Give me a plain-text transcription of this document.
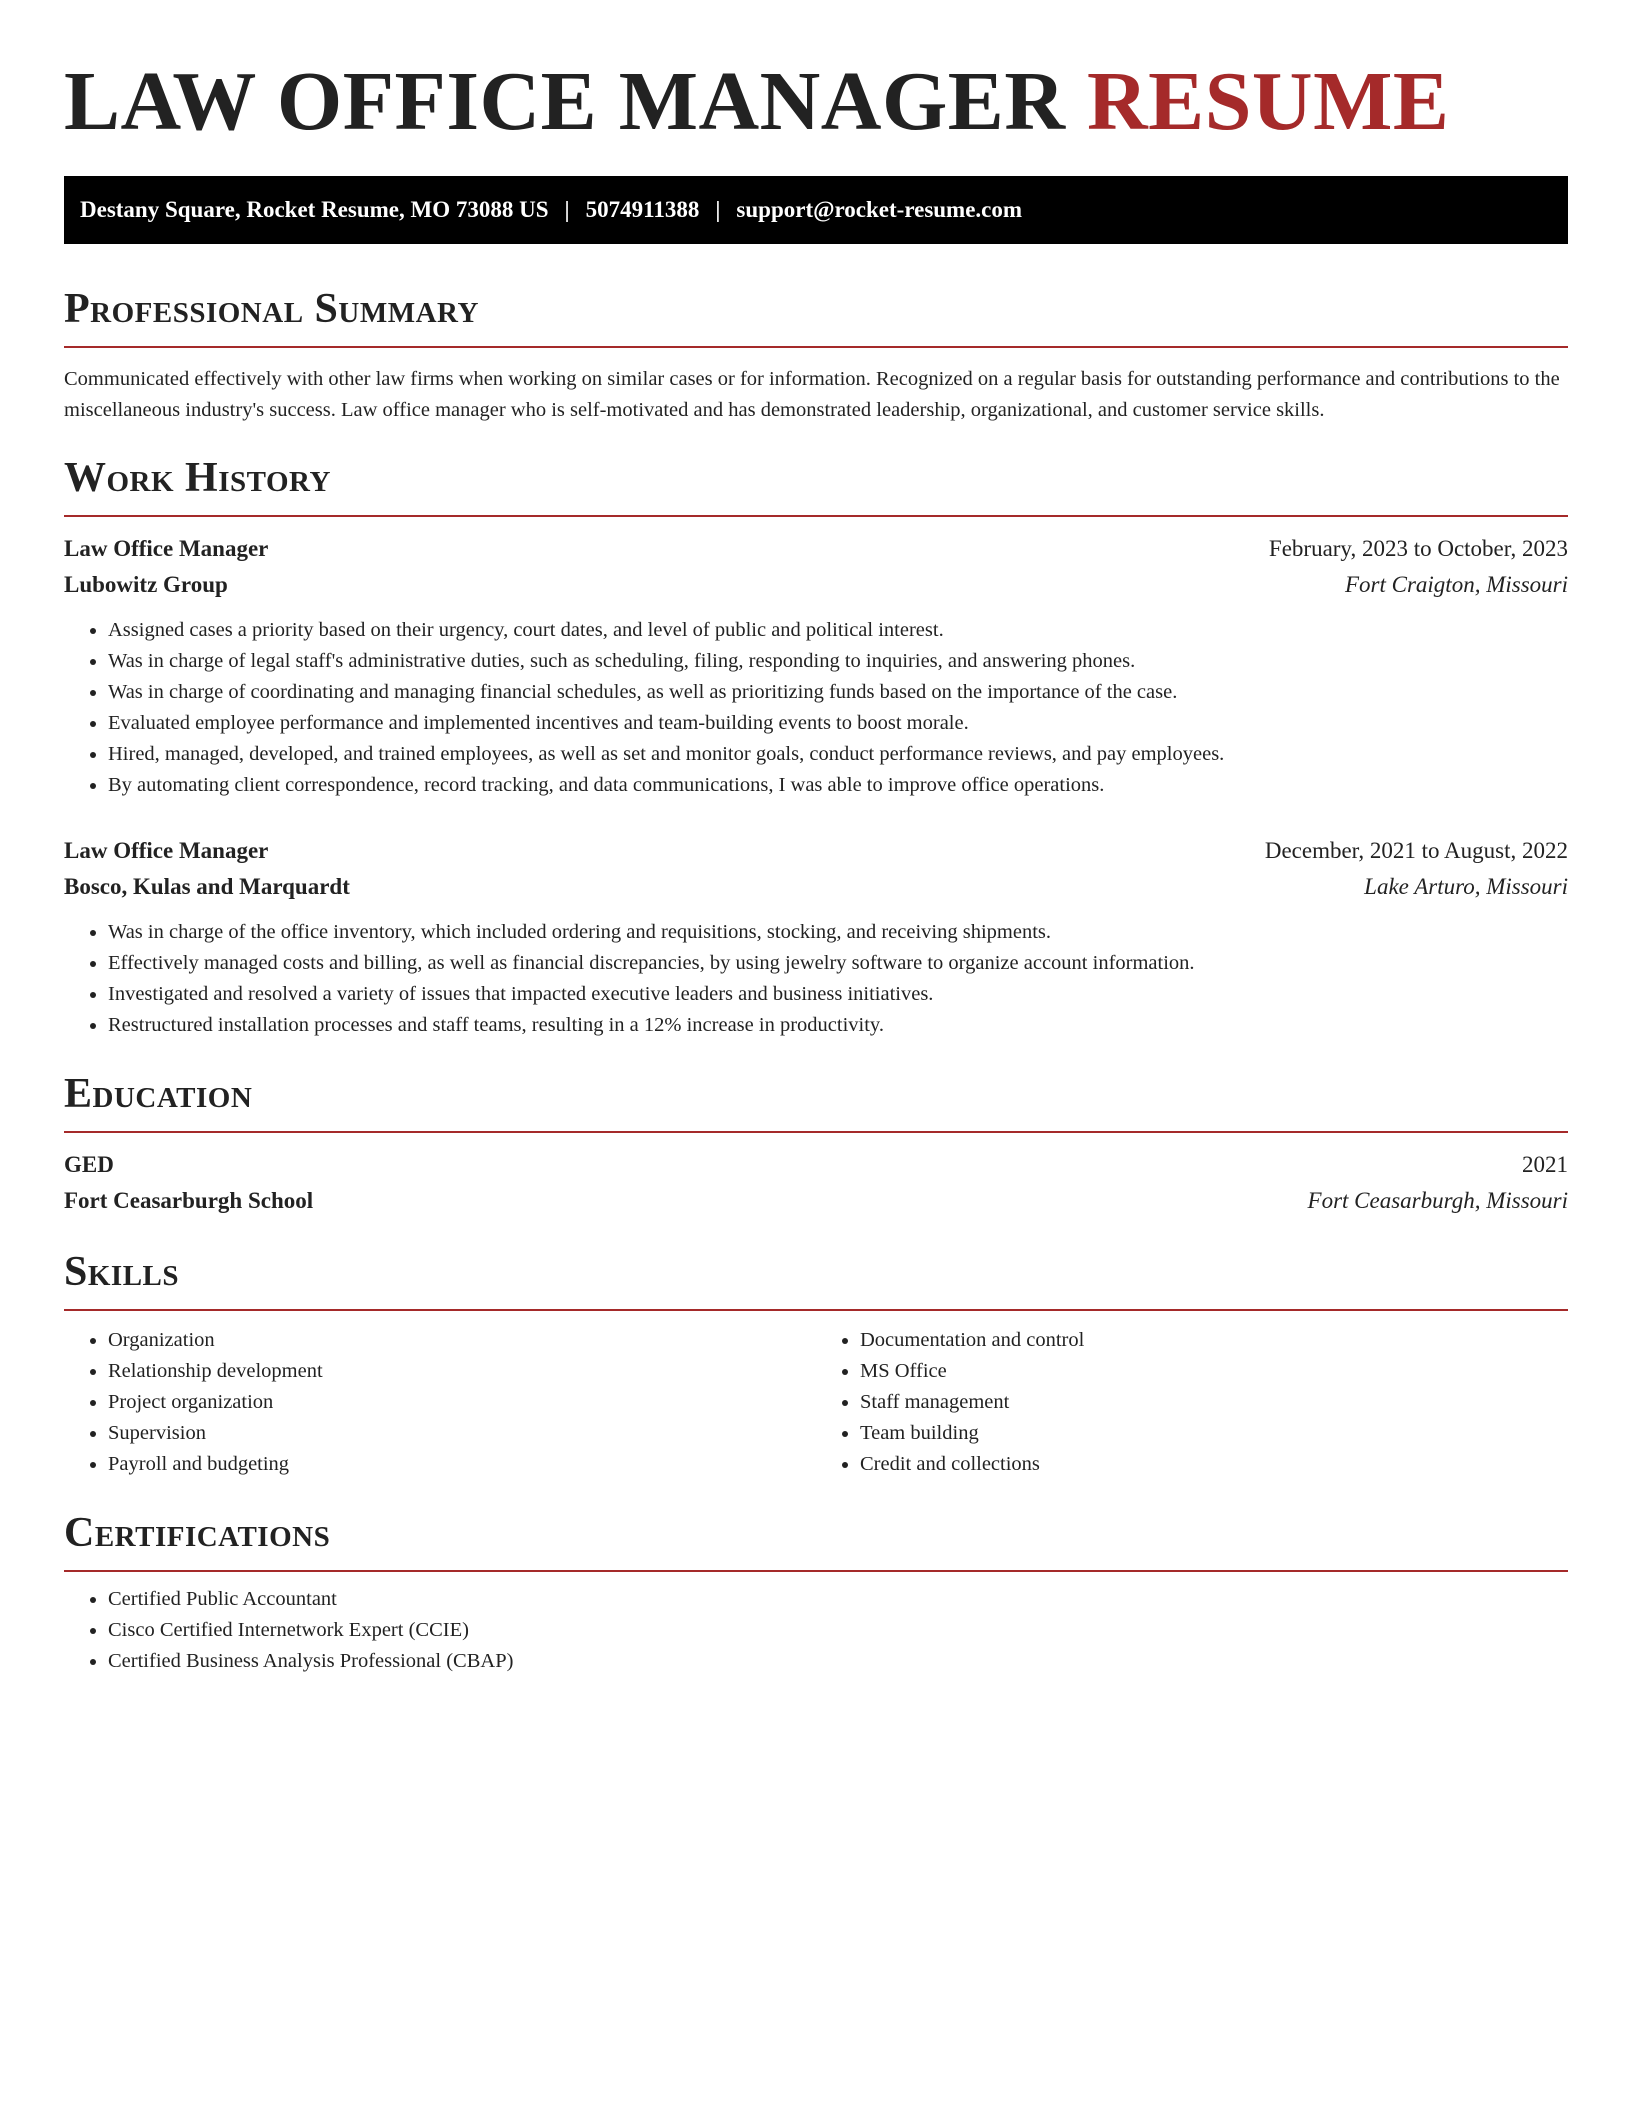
LAW OFFICE MANAGER RESUME
Destany Square, Rocket Resume, MO 73088 US | 5074911388 | support@rocket-resume.com
Professional Summary

Communicated effectively with other law firms when working on similar cases or for information. Recognized on a regular basis for outstanding performance and contributions to the miscellaneous industry's success. Law office manager who is self-motivated and has demonstrated leadership, organizational, and customer service skills.

Work History
Law Office Manager	February, 2023 to October, 2023
Lubowitz Group	Fort Craigton, Missouri
• Assigned cases a priority based on their urgency, court dates, and level of public and political interest.
• Was in charge of legal staff's administrative duties, such as scheduling, filing, responding to inquiries, and answering phones.
• Was in charge of coordinating and managing financial schedules, as well as prioritizing funds based on the importance of the case.
• Evaluated employee performance and implemented incentives and team-building events to boost morale.
• Hired, managed, developed, and trained employees, as well as set and monitor goals, conduct performance reviews, and pay employees.
• By automating client correspondence, record tracking, and data communications, I was able to improve office operations.
Law Office Manager	December, 2021 to August, 2022
Bosco, Kulas and Marquardt	Lake Arturo, Missouri
• Was in charge of the office inventory, which included ordering and requisitions, stocking, and receiving shipments.
• Effectively managed costs and billing, as well as financial discrepancies, by using jewelry software to organize account information.
• Investigated and resolved a variety of issues that impacted executive leaders and business initiatives.
• Restructured installation processes and staff teams, resulting in a 12% increase in productivity.
Education
GED	2021
Fort Ceasarburgh School	Fort Ceasarburgh, Missouri
Skills
• Organization
• Relationship development
• Project organization
• Supervision
• Payroll and budgeting
• Documentation and control
• MS Office
• Staff management
• Team building
• Credit and collections
Certifications
• Certified Public Accountant
• Cisco Certified Internetwork Expert (CCIE)
• Certified Business Analysis Professional (CBAP)
